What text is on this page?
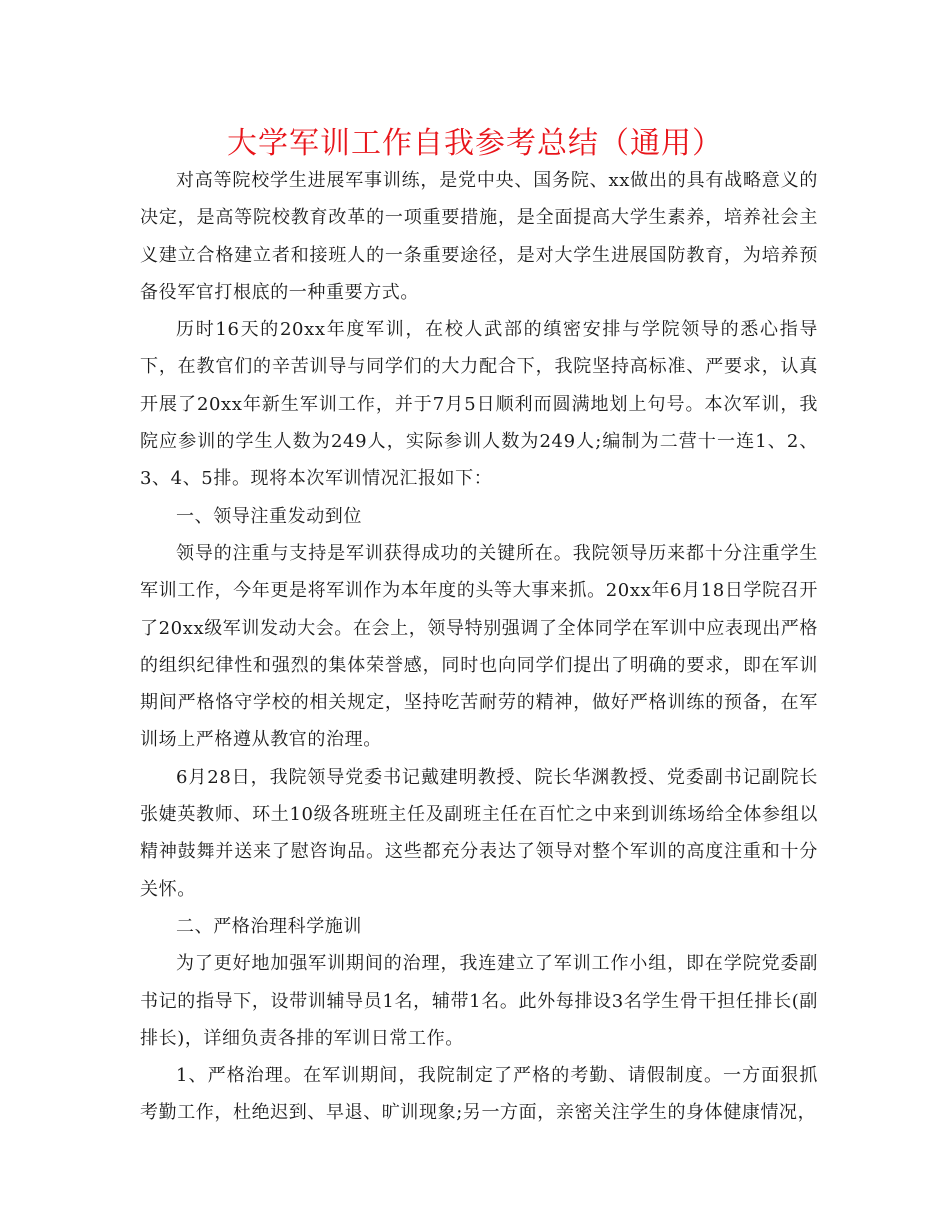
大学军训工作自我参考总结（通用）

对高等院校学生进展军事训练，是党中央、国务院、xx做出的具有战略意义的决定，是高等院校教育改革的一项重要措施，是全面提高大学生素养，培养社会主义建立合格建立者和接班人的一条重要途径，是对大学生进展国防教育，为培养预备役军官打根底的一种重要方式。

历时16天的20xx年度军训，在校人武部的缜密安排与学院领导的悉心指导下，在教官们的辛苦训导与同学们的大力配合下，我院坚持高标准、严要求，认真开展了20xx年新生军训工作，并于7月5日顺利而圆满地划上句号。本次军训，我院应参训的学生人数为249人，实际参训人数为249人;编制为二营十一连1、2、3、4、5排。现将本次军训情况汇报如下：

一、领导注重发动到位

领导的注重与支持是军训获得成功的关键所在。我院领导历来都十分注重学生军训工作，今年更是将军训作为本年度的头等大事来抓。20xx年6月18日学院召开了20xx级军训发动大会。在会上，领导特别强调了全体同学在军训中应表现出严格的组织纪律性和强烈的集体荣誉感，同时也向同学们提出了明确的要求，即在军训期间严格恪守学校的相关规定，坚持吃苦耐劳的精神，做好严格训练的预备，在军训场上严格遵从教官的治理。

6月28日，我院领导党委书记戴建明教授、院长华渊教授、党委副书记副院长张婕英教师、环土10级各班班主任及副班主任在百忙之中来到训练场给全体参组以精神鼓舞并送来了慰咨询品。这些都充分表达了领导对整个军训的高度注重和十分关怀。

二、严格治理科学施训

为了更好地加强军训期间的治理，我连建立了军训工作小组，即在学院党委副书记的指导下，设带训辅导员1名，辅带1名。此外每排设3名学生骨干担任排长(副排长)，详细负责各排的军训日常工作。

1、严格治理。在军训期间，我院制定了严格的考勤、请假制度。一方面狠抓考勤工作，杜绝迟到、早退、旷训现象;另一方面，亲密关注学生的身体健康情况，
